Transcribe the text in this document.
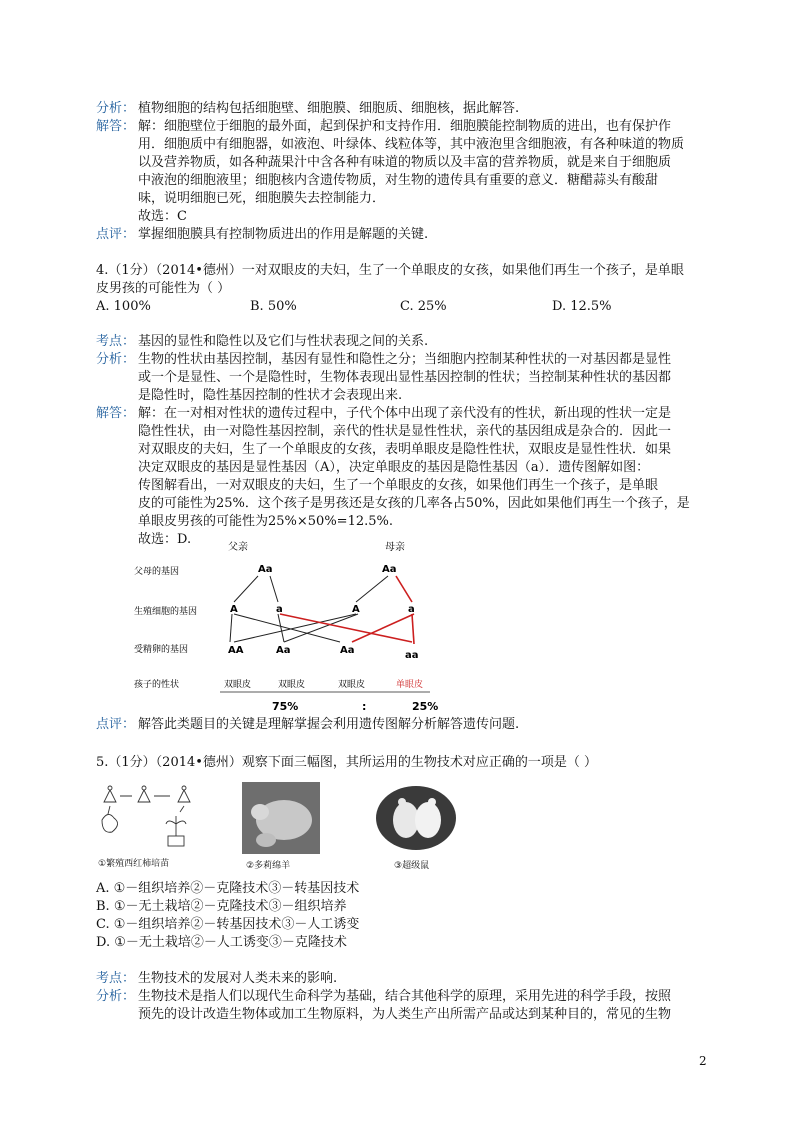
分析： 植物细胞的结构包括细胞壁、细胞膜、细胞质、细胞核，据此解答.
解答： 解：细胞壁位于细胞的最外面，起到保护和支持作用．细胞膜能控制物质的进出，也有保护作
用．细胞质中有细胞器，如液泡、叶绿体、线粒体等，其中液泡里含细胞液，有各种味道的物质
以及营养物质，如各种蔬果汁中含各种有味道的物质以及丰富的营养物质，就是来自于细胞质
中液泡的细胞液里；细胞核内含遗传物质，对生物的遗传具有重要的意义．糖醋蒜头有酸甜
味，说明细胞已死，细胞膜失去控制能力．
故选：C
点评： 掌握细胞膜具有控制物质进出的作用是解题的关键.
4.（1分）（2014•德州）一对双眼皮的夫妇，生了一个单眼皮的女孩，如果他们再生一个孩子，是单眼
皮男孩的可能性为（ ）
A. 100%	B. 50%	C. 25%	D. 12.5%
考点： 基因的显性和隐性以及它们与性状表现之间的关系.
分析： 生物的性状由基因控制，基因有显性和隐性之分；当细胞内控制某种性状的一对基因都是显性
或一个是显性、一个是隐性时，生物体表现出显性基因控制的性状；当控制某种性状的基因都
是隐性时，隐性基因控制的性状才会表现出来.
解答： 解：在一对相对性状的遗传过程中，子代个体中出现了亲代没有的性状，新出现的性状一定是
隐性性状，由一对隐性基因控制，亲代的性状是显性性状，亲代的基因组成是杂合的．因此一
对双眼皮的夫妇，生了一个单眼皮的女孩，表明单眼皮是隐性性状，双眼皮是显性性状．如果
决定双眼皮的基因是显性基因（A），决定单眼皮的基因是隐性基因（a）．遗传图解如图：
传图解看出，一对双眼皮的夫妇，生了一个单眼皮的女孩，如果他们再生一个孩子，是单眼
皮的可能性为25%．这个孩子是男孩还是女孩的几率各占50%，因此如果他们再生一个孩子，是
单眼皮男孩的可能性为25%×50%=12.5%.
故选：D.
父亲	母亲
父母的基因
生殖细胞的基因
受精卵的基因
孩子的性状
Aa	Aa
A	a	A	a
AA	Aa	Aa	aa
双眼皮	双眼皮	双眼皮	单眼皮
75%	:	25%
点评： 解答此类题目的关键是理解掌握会利用遗传图解分析解答遗传问题.
5.（1分）（2014•德州）观察下面三幅图，其所运用的生物技术对应正确的一项是（ ）
①繁殖西红柿培苗	②多莉绵羊	③超级鼠
A. ①－组织培养②－克隆技术③－转基因技术
B. ①－无土栽培②－克隆技术③－组织培养
C. ①－组织培养②－转基因技术③－人工诱变
D. ①－无土栽培②－人工诱变③－克隆技术
考点： 生物技术的发展对人类未来的影响.
分析： 生物技术是指人们以现代生命科学为基础，结合其他科学的原理，采用先进的科学手段，按照
预先的设计改造生物体或加工生物原料，为人类生产出所需产品或达到某种目的，常见的生物
2
